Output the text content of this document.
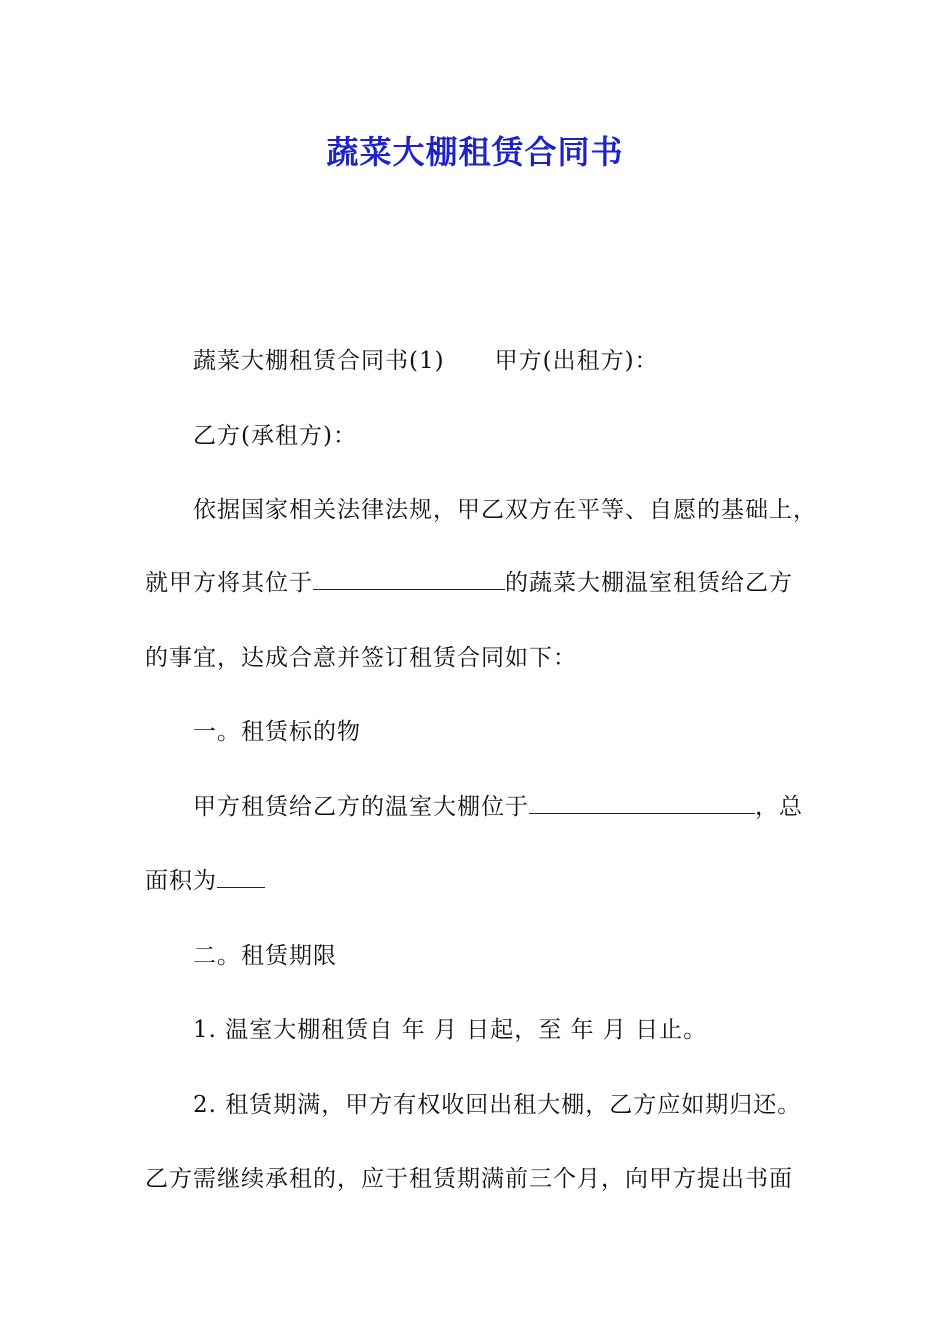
蔬菜大棚租赁合同书
蔬菜大棚租赁合同书(1) 甲方(出租方)：
乙方(承租方)：
依据国家相关法律法规，甲乙双方在平等、自愿的基础上，
就甲方将其位于	的蔬菜大棚温室租赁给乙方
的事宜，达成合意并签订租赁合同如下：
一。租赁标的物
甲方租赁给乙方的温室大棚位于	，总
面积为
二。租赁期限
1. 温室大棚租赁自 年 月 日起，至 年 月 日止。
2. 租赁期满，甲方有权收回出租大棚，乙方应如期归还。
乙方需继续承租的，应于租赁期满前三个月，向甲方提出书面
